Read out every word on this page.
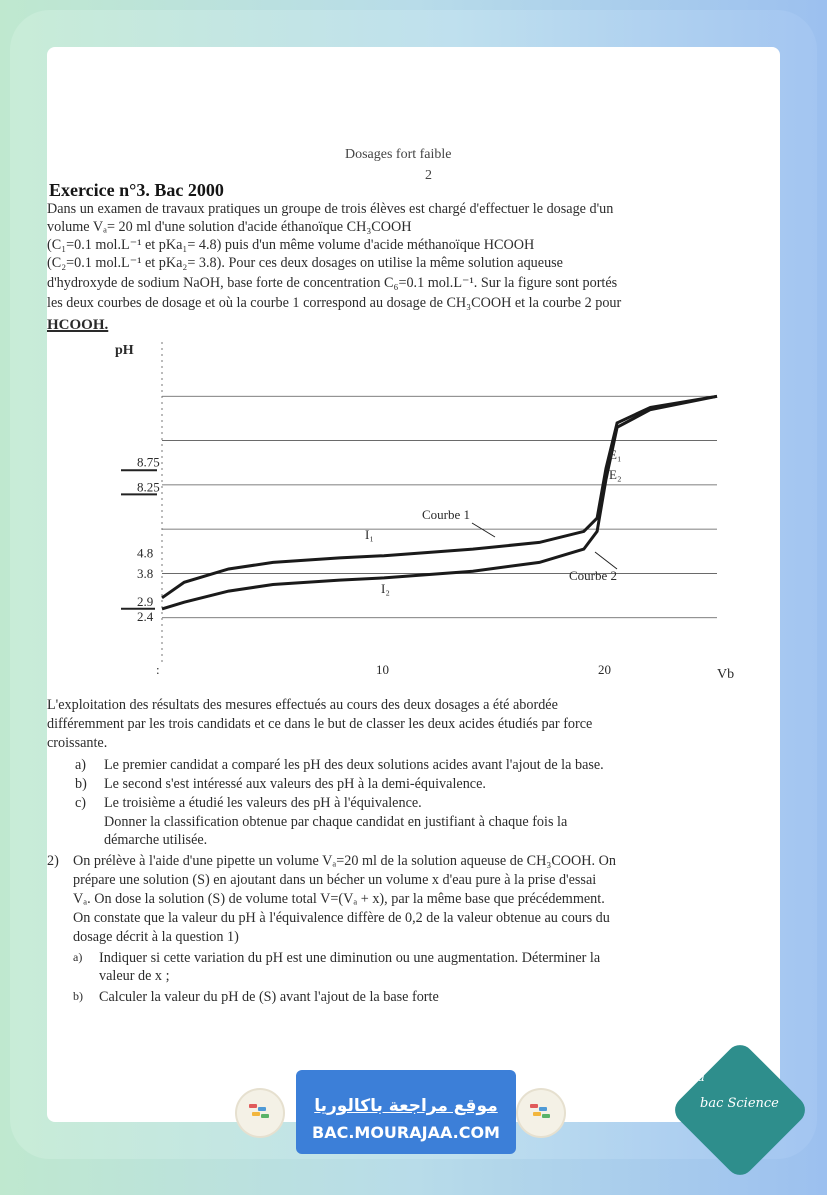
Dosages fort faible
2
Exercice n°3. Bac 2000
Dans un examen de travaux pratiques un groupe de trois élèves est chargé d'effectuer le dosage d'un
volume Vₐ= 20 ml d'une solution d'acide éthanoïque CH₃COOH
(C₁=0.1 mol.L⁻¹ et pKa₁= 4.8) puis d'un même volume d'acide méthanoïque HCOOH
(C₂=0.1 mol.L⁻¹ et pKa₂= 3.8). Pour ces deux dosages on utilise la même solution aqueuse
d'hydroxyde de sodium NaOH, base forte de concentration C₆=0.1 mol.L⁻¹. Sur la figure sont portés
les deux courbes de dosage et où la courbe 1 correspond au dosage de CH₃COOH et la courbe 2 pour
HCOOH.
pH
8.75
8.25
4.8
3.8
2.9
2.4
10	20
:	Vb
Courbe 1
Courbe 2
I₁
I₂
E₁
E₂
L'exploitation des résultats des mesures effectués au cours des deux dosages a été abordée
différemment par les trois candidats et ce dans le but de classer les deux acides étudiés par force
croissante.
a) Le premier candidat a comparé les pH des deux solutions acides avant l'ajout de la base.
b) Le second s'est intéressé aux valeurs des pH à la demi-équivalence.
c) Le troisième a étudié les valeurs des pH à l'équivalence.
Donner la classification obtenue par chaque candidat en justifiant à chaque fois la
démarche utilisée.
2) On prélève à l'aide d'une pipette un volume Vₐ=20 ml de la solution aqueuse de CH₃COOH. On
prépare une solution (S) en ajoutant dans un bécher un volume x d'eau pure à la prise d'essai
Vₐ. On dose la solution (S) de volume total V=(Vₐ + x), par la même base que précédemment.
On constate que la valeur du pH à l'équivalence diffère de 0,2 de la valeur obtenue au cours du
dosage décrit à la question 1)
a) Indiquer si cette variation du pH est une diminution ou une augmentation. Déterminer la
valeur de x ;
b) Calculer la valeur du pH de (S) avant l'ajout de la base forte
موقع مراجعة باكالوريا
BAC.MOURAJAA.COM
ba
bac Science
